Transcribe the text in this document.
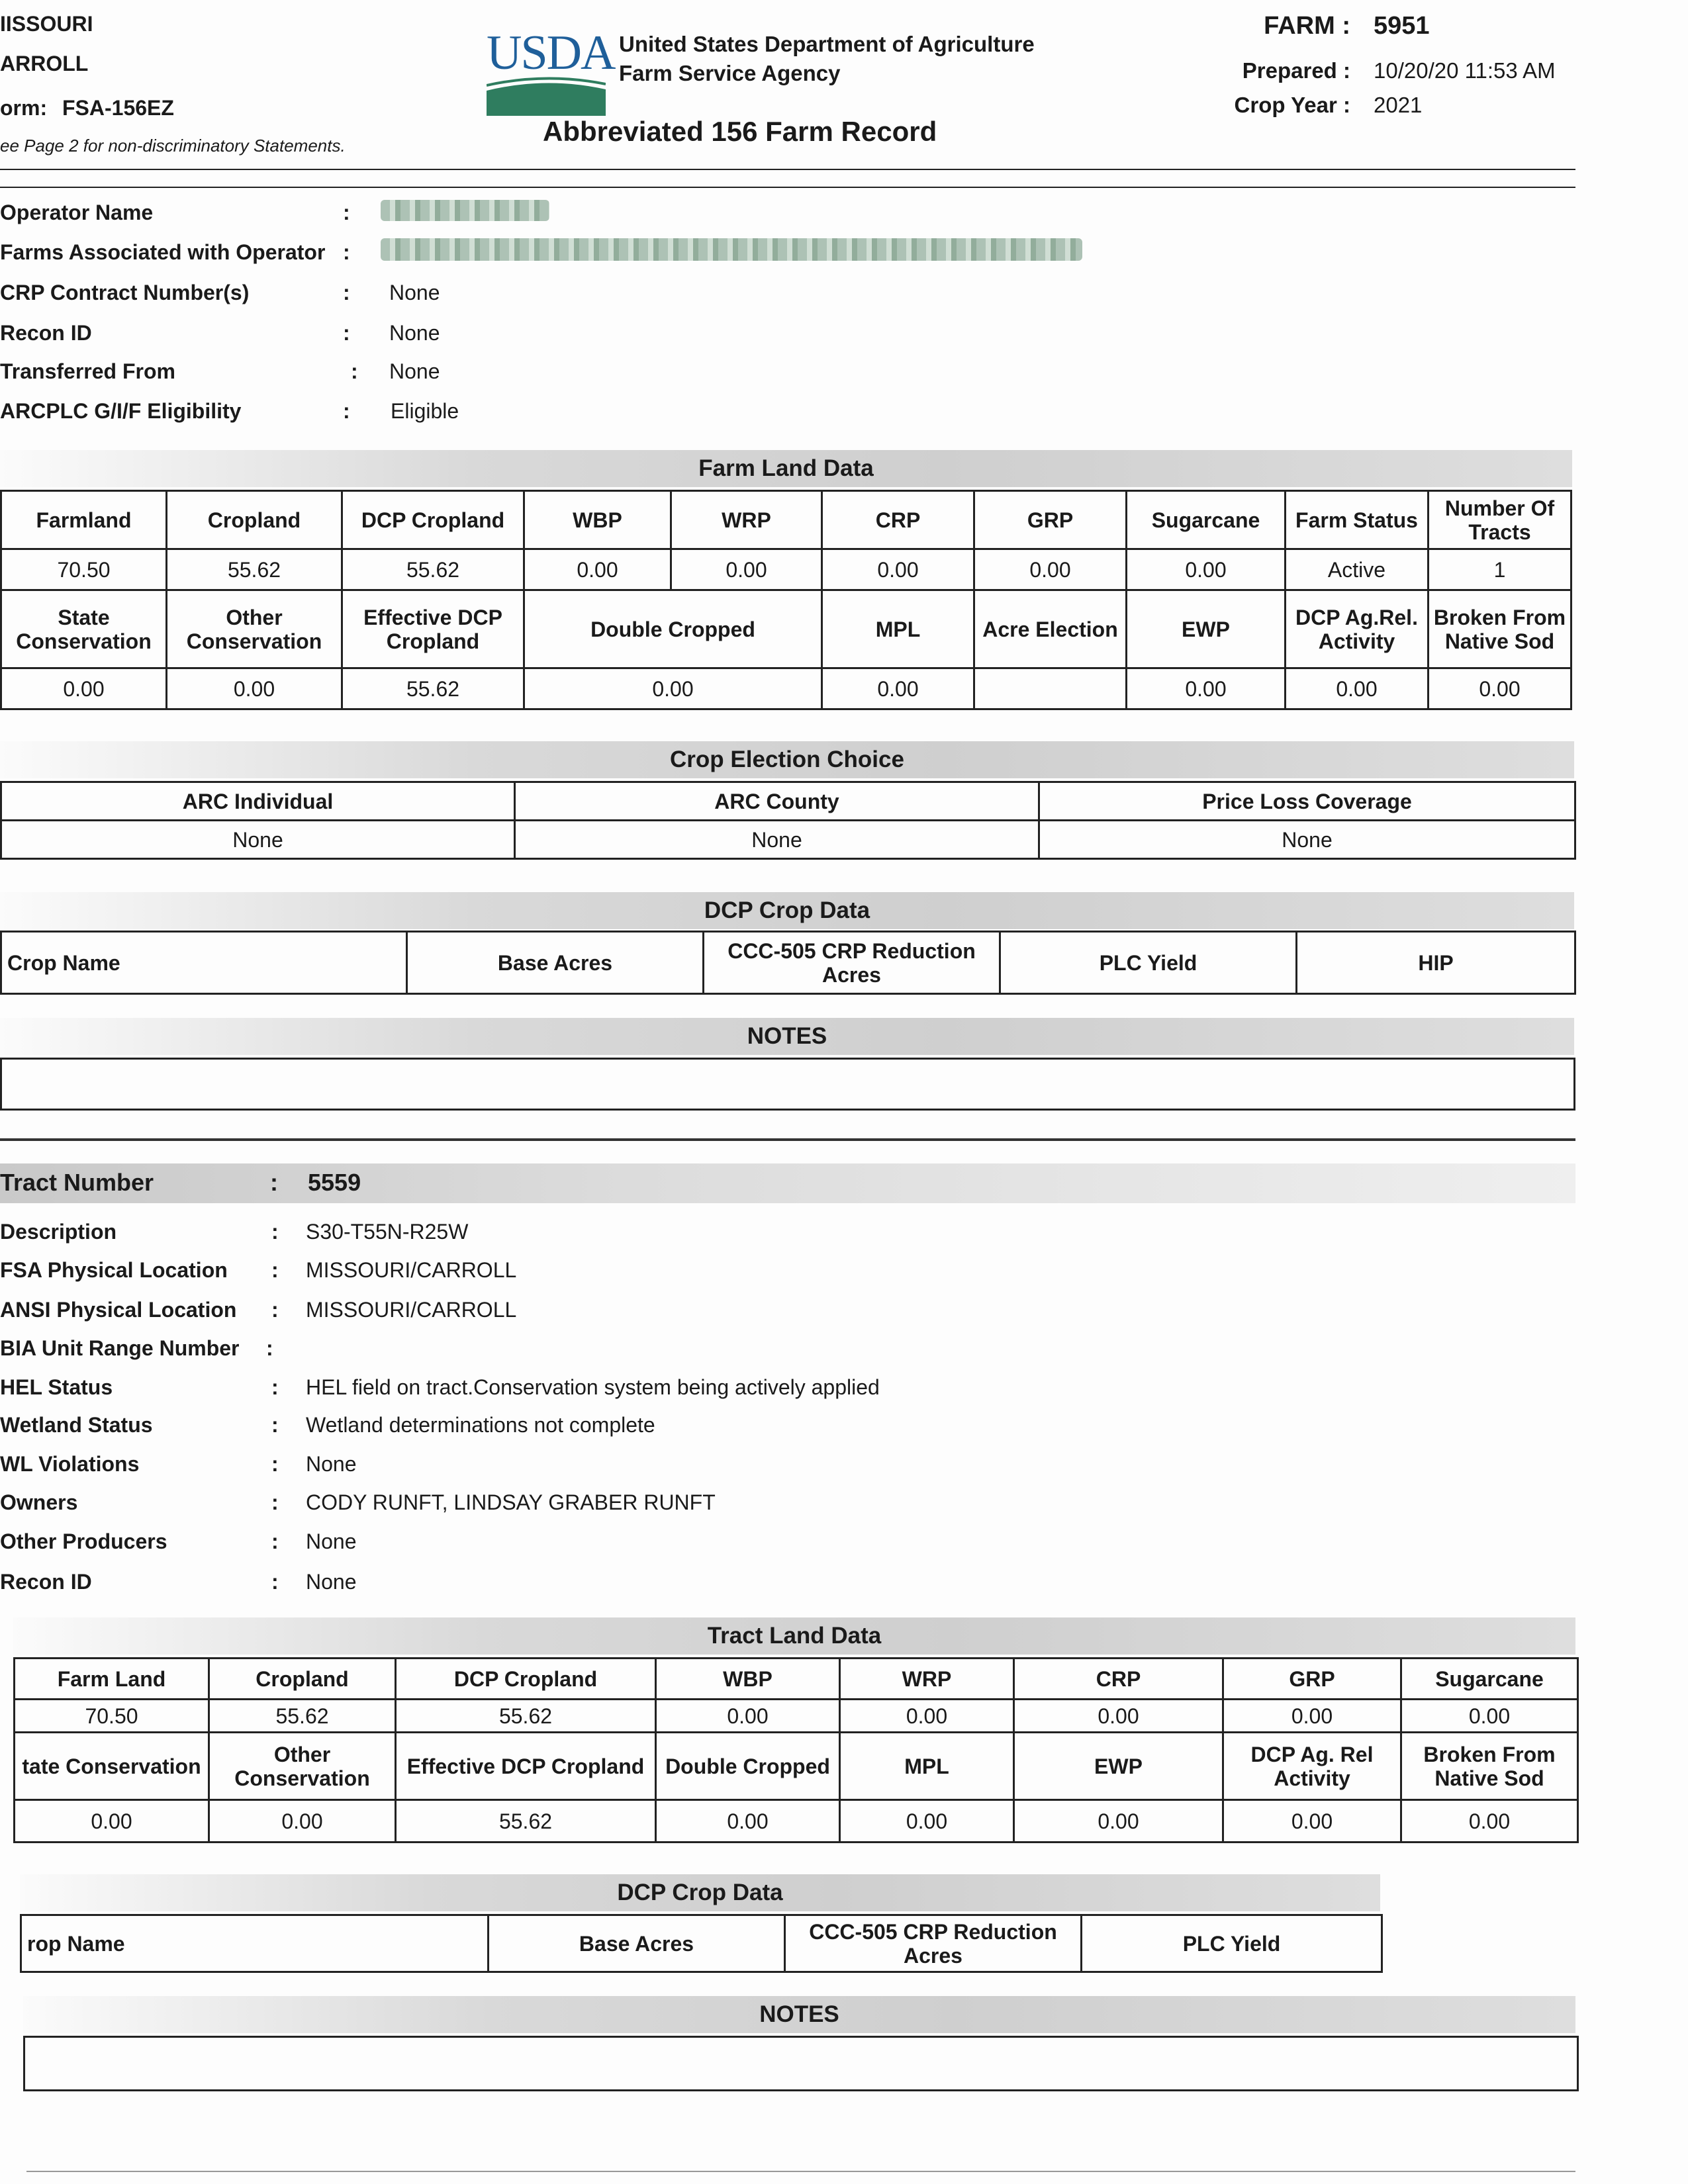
IISSOURI
ARROLL
orm: FSA-156EZ
ee Page 2 for non-discriminatory Statements.
USDA United States Department of Agriculture
Farm Service Agency
Abbreviated 156 Farm Record
FARM : 5951
Prepared : 10/20/20 11:53 AM
Crop Year : 2021
Operator Name	:
Farms Associated with Operator :
CRP Contract Number(s)	: None
Recon ID	: None
Transferred From	: None
ARCPLC G/I/F Eligibility	: Eligible
Farm Land Data
Farmland	Cropland	DCP Cropland	WBP	WRP	CRP	GRP	Sugarcane	Farm Status	Number Of Tracts
70.50	55.62	55.62	0.00	0.00	0.00	0.00	0.00	Active	1
State Conservation	Other Conservation	Effective DCP Cropland	Double Cropped		MPL	Acre Election	EWP	DCP Ag.Rel. Activity	Broken From Native Sod
0.00	0.00	55.62	0.00		0.00		0.00	0.00	0.00
Crop Election Choice
ARC Individual	ARC County	Price Loss Coverage
None	None	None
DCP Crop Data
Crop Name	Base Acres	CCC-505 CRP Reduction Acres	PLC Yield	HIP
NOTES
Tract Number	: 5559
Description	: S30-T55N-R25W
FSA Physical Location : MISSOURI/CARROLL
ANSI Physical Location : MISSOURI/CARROLL
BIA Unit Range Number :
HEL Status	: HEL field on tract.Conservation system being actively applied
Wetland Status	: Wetland determinations not complete
WL Violations	: None
Owners	: CODY RUNFT, LINDSAY GRABER RUNFT
Other Producers	: None
Recon ID	: None
Tract Land Data
Farm Land	Cropland	DCP Cropland	WBP	WRP	CRP	GRP	Sugarcane
70.50	55.62	55.62	0.00	0.00	0.00	0.00	0.00
tate Conservation	Other Conservation	Effective DCP Cropland	Double Cropped	MPL	EWP	DCP Ag. Rel Activity	Broken From Native Sod
0.00	0.00	55.62	0.00	0.00	0.00	0.00	0.00
DCP Crop Data
rop Name	Base Acres	CCC-505 CRP Reduction Acres	PLC Yield
NOTES
